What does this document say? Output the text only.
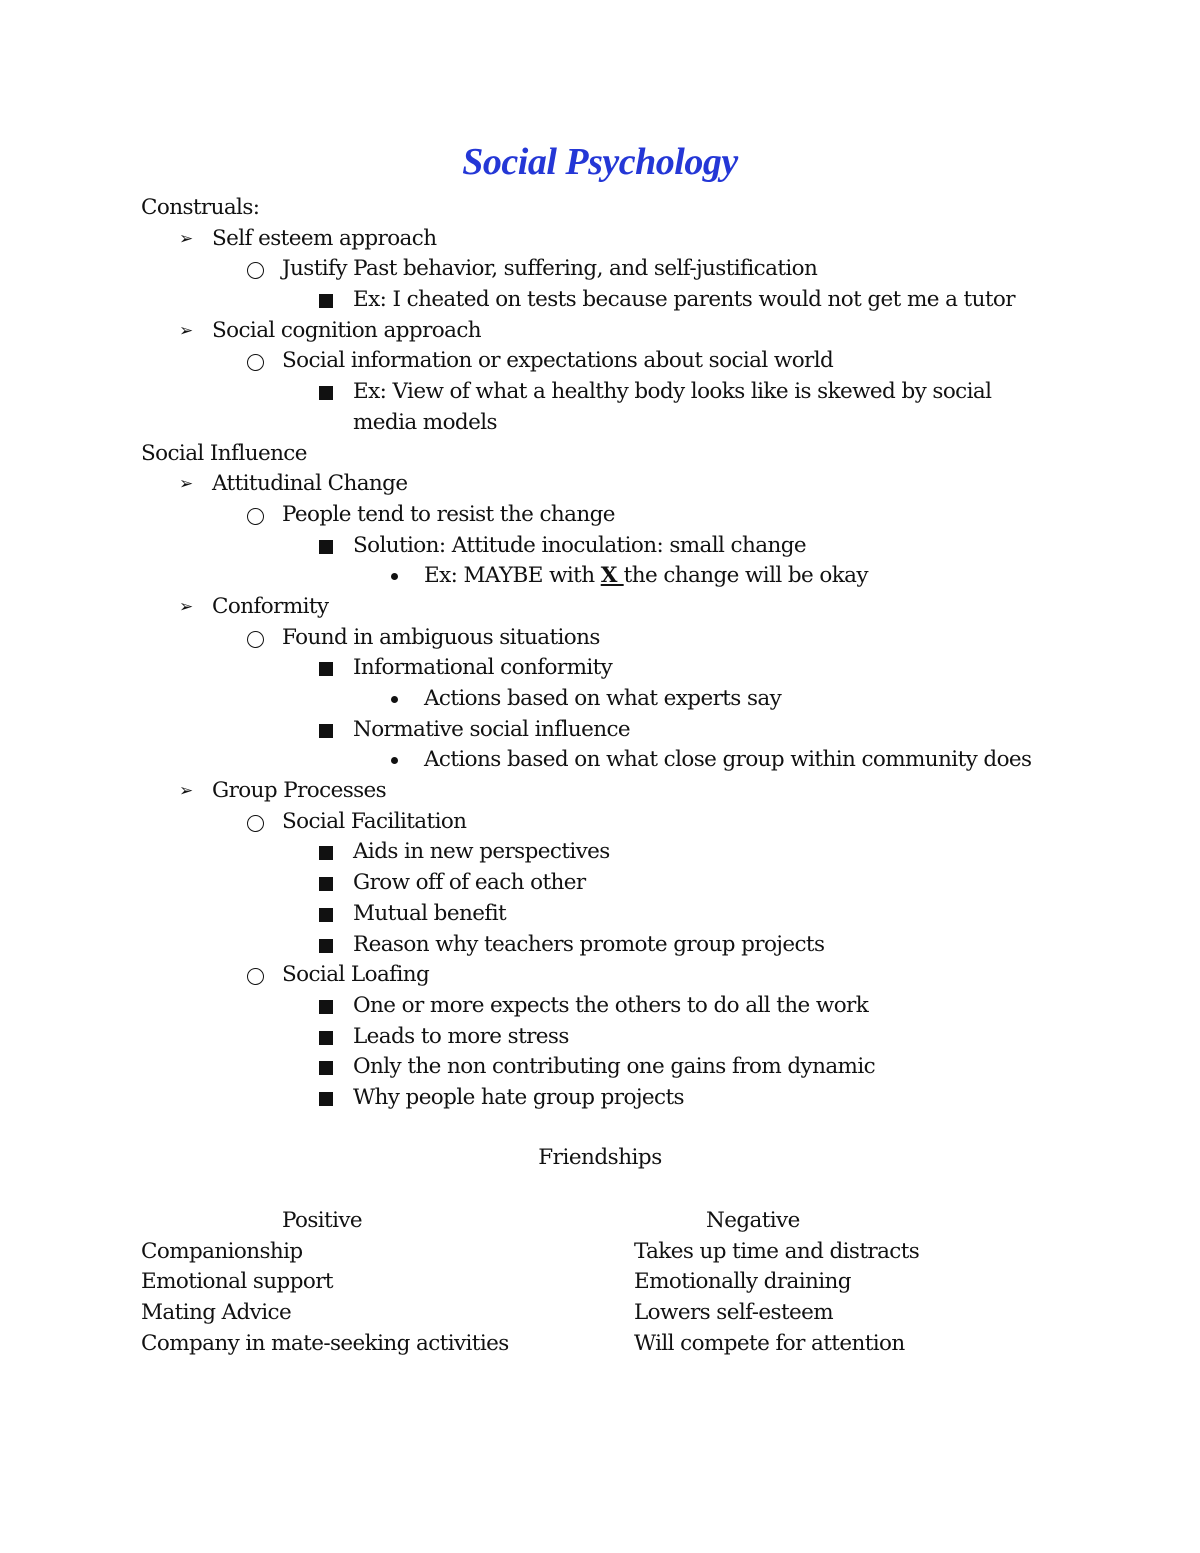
Social Psychology
Construals:
➢ Self esteem approach
Justify Past behavior, suffering, and self-justification
Ex: I cheated on tests because parents would not get me a tutor
➢ Social cognition approach
Social information or expectations about social world
Ex: View of what a healthy body looks like is skewed by social media models
Social Influence
➢ Attitudinal Change
People tend to resist the change
Solution: Attitude inoculation: small change
Ex: MAYBE with X the change will be okay
➢ Conformity
Found in ambiguous situations
Informational conformity
Actions based on what experts say
Normative social influence
Actions based on what close group within community does
➢ Group Processes
Social Facilitation
Aids in new perspectives
Grow off of each other
Mutual benefit
Reason why teachers promote group projects
Social Loafing
One or more expects the others to do all the work
Leads to more stress
Only the non contributing one gains from dynamic
Why people hate group projects
Friendships
Positive
Companionship
Emotional support
Mating Advice
Company in mate-seeking activities
Negative
Takes up time and distracts
Emotionally draining
Lowers self-esteem
Will compete for attention
